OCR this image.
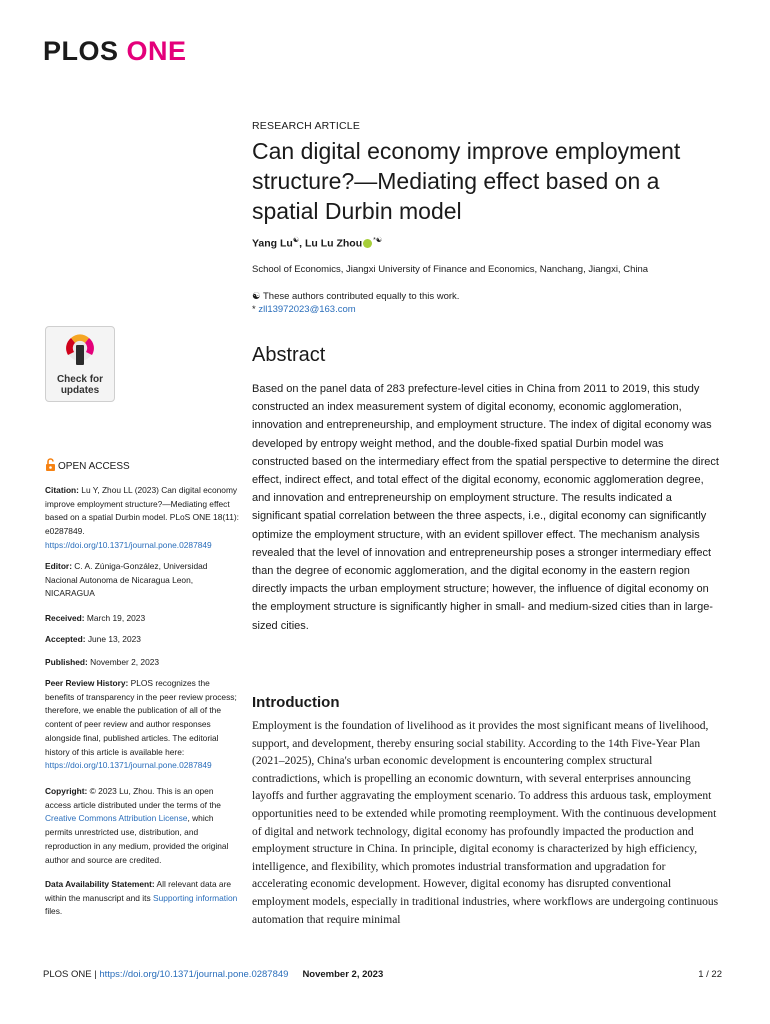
PLOS ONE
RESEARCH ARTICLE
Can digital economy improve employment structure?—Mediating effect based on a spatial Durbin model
Yang Lu☯, Lu Lu Zhou *☯
School of Economics, Jiangxi University of Finance and Economics, Nanchang, Jiangxi, China
☯ These authors contributed equally to this work.
* zll13972023@163.com
Check for
updates
OPEN ACCESS
Citation: Lu Y, Zhou LL (2023) Can digital economy improve employment structure?—Mediating effect based on a spatial Durbin model. PLoS ONE 18(11): e0287849. https://doi.org/10.1371/journal.pone.0287849
Editor: C. A. Zúniga-González, Universidad Nacional Autonoma de Nicaragua Leon, NICARAGUA
Received: March 19, 2023
Accepted: June 13, 2023
Published: November 2, 2023
Peer Review History: PLOS recognizes the benefits of transparency in the peer review process; therefore, we enable the publication of all of the content of peer review and author responses alongside final, published articles. The editorial history of this article is available here: https://doi.org/10.1371/journal.pone.0287849
Copyright: © 2023 Lu, Zhou. This is an open access article distributed under the terms of the Creative Commons Attribution License, which permits unrestricted use, distribution, and reproduction in any medium, provided the original author and source are credited.
Data Availability Statement: All relevant data are within the manuscript and its Supporting information files.
Abstract
Based on the panel data of 283 prefecture-level cities in China from 2011 to 2019, this study constructed an index measurement system of digital economy, economic agglomeration, innovation and entrepreneurship, and employment structure. The index of digital economy was developed by entropy weight method, and the double-fixed spatial Durbin model was constructed based on the intermediary effect from the spatial perspective to determine the direct effect, indirect effect, and total effect of the digital economy, economic agglomeration degree, and innovation and entrepreneurship on employment structure. The results indicated a significant spatial correlation between the three aspects, i.e., digital economy can significantly optimize the employment structure, with an evident spillover effect. The mechanism analysis revealed that the level of innovation and entrepreneurship poses a stronger intermediary effect than the degree of economic agglomeration, and the digital economy in the eastern region directly impacts the urban employment structure; however, the influence of digital economy on the employment structure is significantly higher in small- and medium-sized cities than in large-sized cities.
Introduction
Employment is the foundation of livelihood as it provides the most significant means of livelihood, support, and development, thereby ensuring social stability. According to the 14th Five-Year Plan (2021–2025), China's urban economic development is encountering complex structural contradictions, which is propelling an economic downturn, with several enterprises announcing layoffs and further aggravating the employment scenario. To address this arduous task, employment opportunities need to be extended while promoting reemployment. With the continuous development of digital and network technology, digital economy has profoundly impacted the production and employment structure in China. In principle, digital economy is characterized by high efficiency, intelligence, and flexibility, which promotes industrial transformation and upgradation for accelerating economic development. However, digital economy has disrupted conventional employment models, especially in traditional industries, where workflows are undergoing continuous automation that require minimal
PLOS ONE | https://doi.org/10.1371/journal.pone.0287849 November 2, 2023	1 / 22
